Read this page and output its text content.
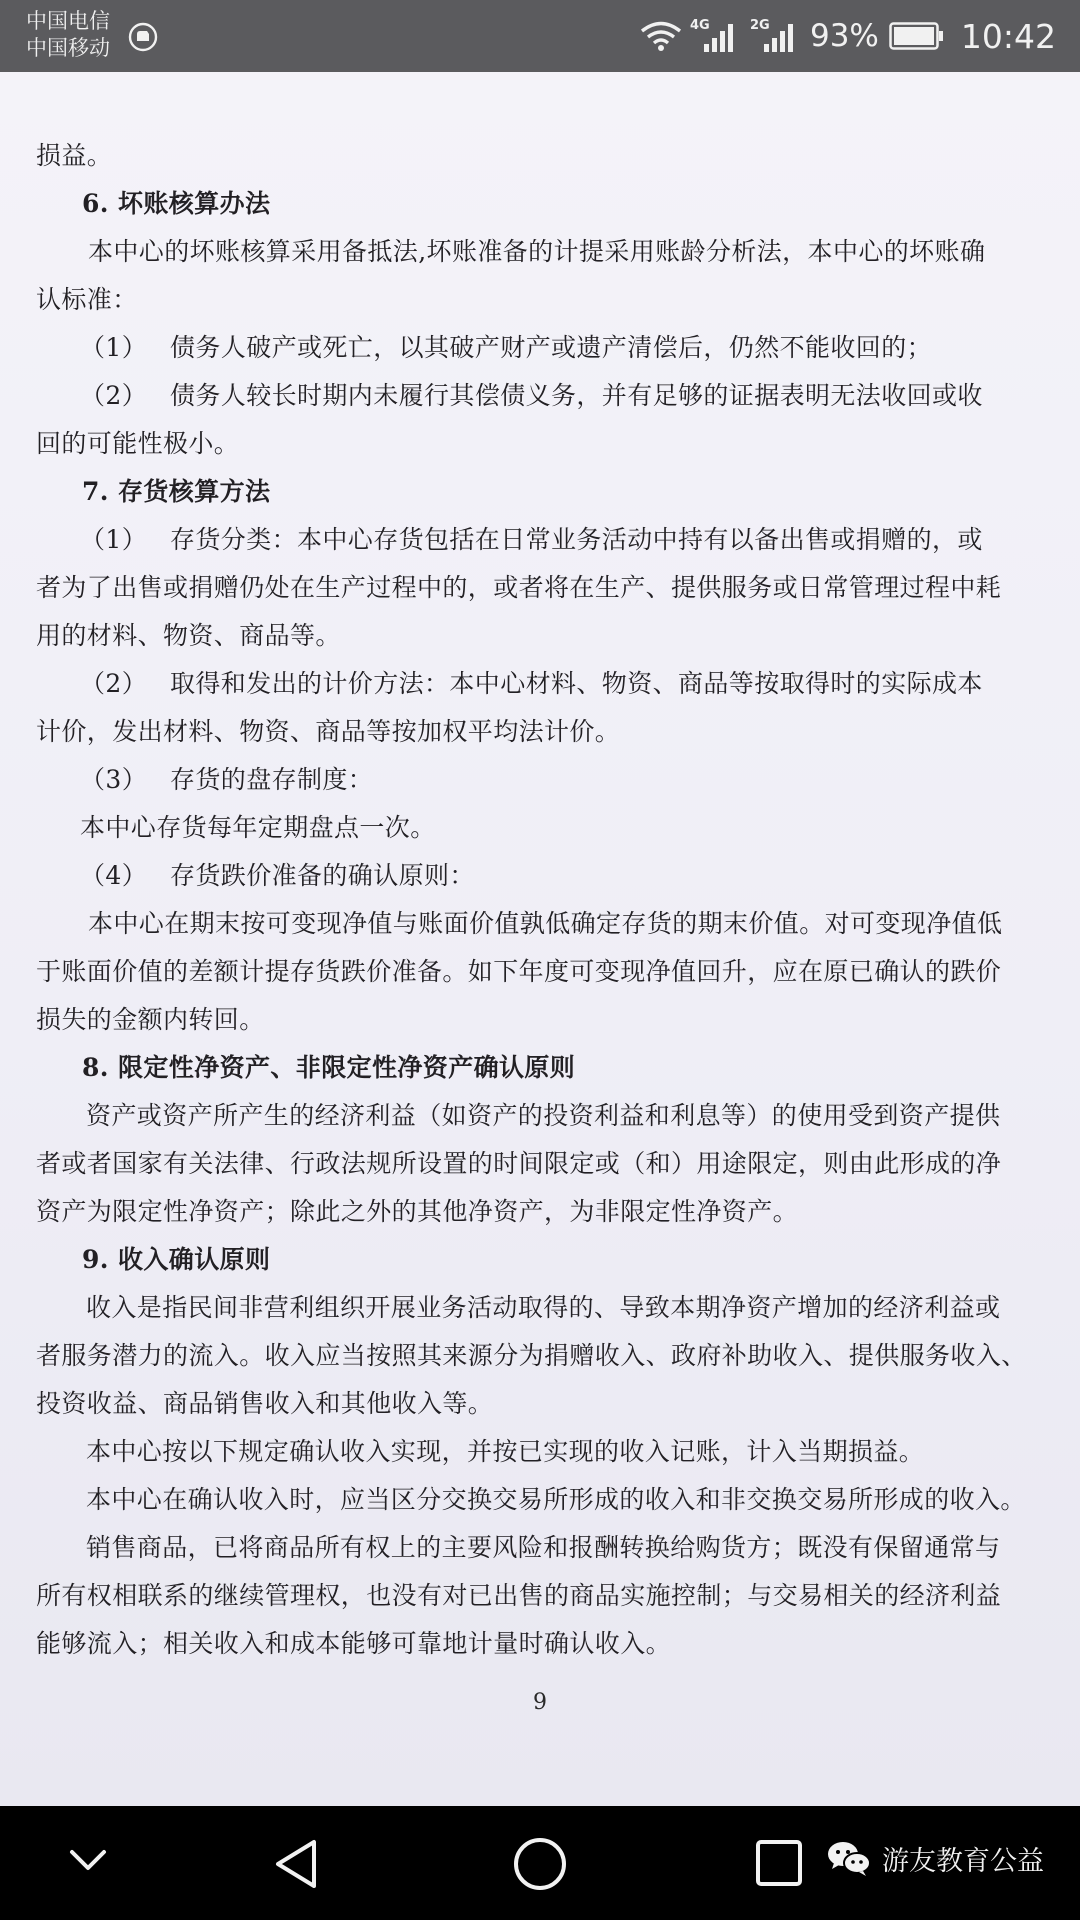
中国电信
中国移动
4G	2G 93% 10:42
损益。
6. 坏账核算办法
本中心的坏账核算采用备抵法,坏账准备的计提采用账龄分析法，本中心的坏账确
认标准：
（1） 债务人破产或死亡，以其破产财产或遗产清偿后，仍然不能收回的；
（2） 债务人较长时期内未履行其偿债义务，并有足够的证据表明无法收回或收
回的可能性极小。
7. 存货核算方法
（1） 存货分类：本中心存货包括在日常业务活动中持有以备出售或捐赠的，或
者为了出售或捐赠仍处在生产过程中的，或者将在生产、提供服务或日常管理过程中耗
用的材料、物资、商品等。
（2） 取得和发出的计价方法：本中心材料、物资、商品等按取得时的实际成本
计价，发出材料、物资、商品等按加权平均法计价。
（3） 存货的盘存制度：
本中心存货每年定期盘点一次。
（4） 存货跌价准备的确认原则：
本中心在期末按可变现净值与账面价值孰低确定存货的期末价值。对可变现净值低
于账面价值的差额计提存货跌价准备。如下年度可变现净值回升，应在原已确认的跌价
损失的金额内转回。
8. 限定性净资产、非限定性净资产确认原则
资产或资产所产生的经济利益（如资产的投资利益和利息等）的使用受到资产提供
者或者国家有关法律、行政法规所设置的时间限定或（和）用途限定，则由此形成的净
资产为限定性净资产；除此之外的其他净资产，为非限定性净资产。
9. 收入确认原则
收入是指民间非营利组织开展业务活动取得的、导致本期净资产增加的经济利益或
者服务潜力的流入。收入应当按照其来源分为捐赠收入、政府补助收入、提供服务收入、
投资收益、商品销售收入和其他收入等。
本中心按以下规定确认收入实现，并按已实现的收入记账，计入当期损益。
本中心在确认收入时，应当区分交换交易所形成的收入和非交换交易所形成的收入。
销售商品，已将商品所有权上的主要风险和报酬转换给购货方；既没有保留通常与
所有权相联系的继续管理权，也没有对已出售的商品实施控制；与交易相关的经济利益
能够流入；相关收入和成本能够可靠地计量时确认收入。
9
游友教育公益
